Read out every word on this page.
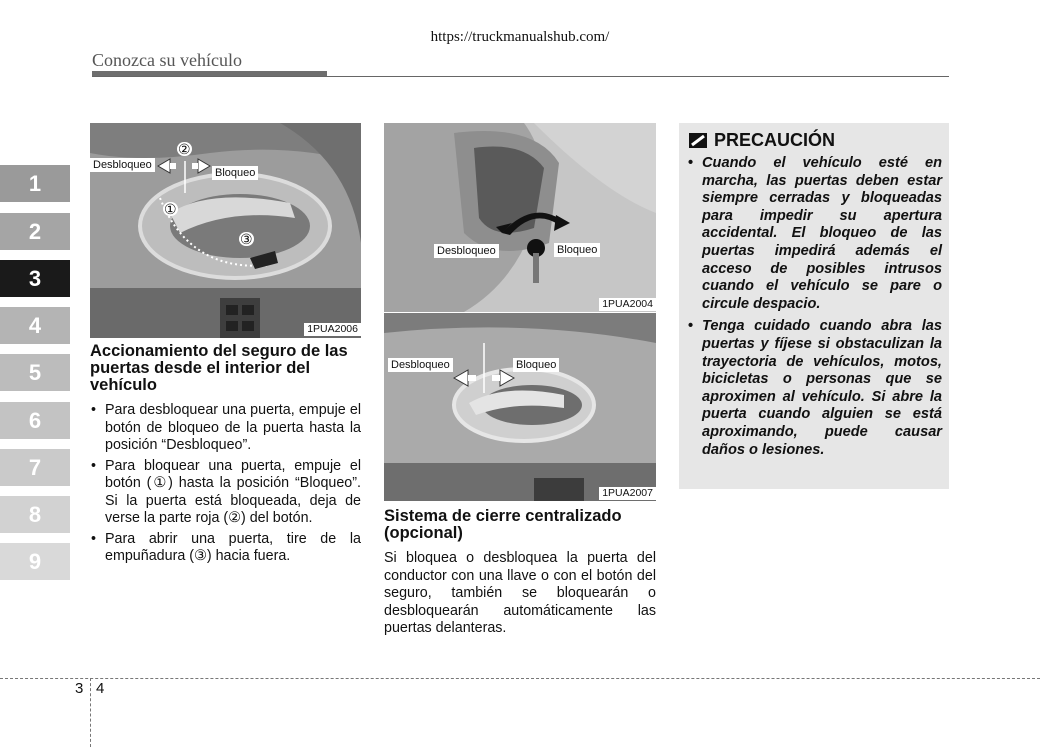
https://truckmanualshub.com/
Conozca su vehículo
1
2
3
4
5
6
7
8
9
Desbloqueo
Bloqueo
②
①
③
1PUA2006
Desbloqueo	Bloqueo
1PUA2004
Desbloqueo	Bloqueo
1PUA2007
Accionamiento del seguro de las puertas desde el interior del vehículo
• Para desbloquear una puerta, empuje el botón de bloqueo de la puerta hasta la posición “Desbloqueo”.
• Para bloquear una puerta, empuje el botón (①) hasta la posición “Bloqueo”. Si la puerta está bloqueada, deja de verse la parte roja (②) del botón.
• Para abrir una puerta, tire de la empuñadura (③) hacia fuera.
Sistema de cierre centralizado (opcional)
Si bloquea o desbloquea la puerta del conductor con una llave o con el botón del seguro, también se bloquearán o desbloquearán automáticamente las puertas delanteras.
PRECAUCIÓN
• Cuando el vehículo esté en marcha, las puertas deben estar siempre cerradas y bloqueadas para impedir su apertura accidental. El bloqueo de las puertas impedirá además el acceso de posibles intrusos cuando el vehículo se pare o circule despacio.
• Tenga cuidado cuando abra las puertas y fíjese si obstaculizan la trayectoria de vehículos, motos, bicicletas o personas que se aproximen al vehículo. Si abre la puerta cuando alguien se está aproximando, puede causar daños o lesiones.
3 4
